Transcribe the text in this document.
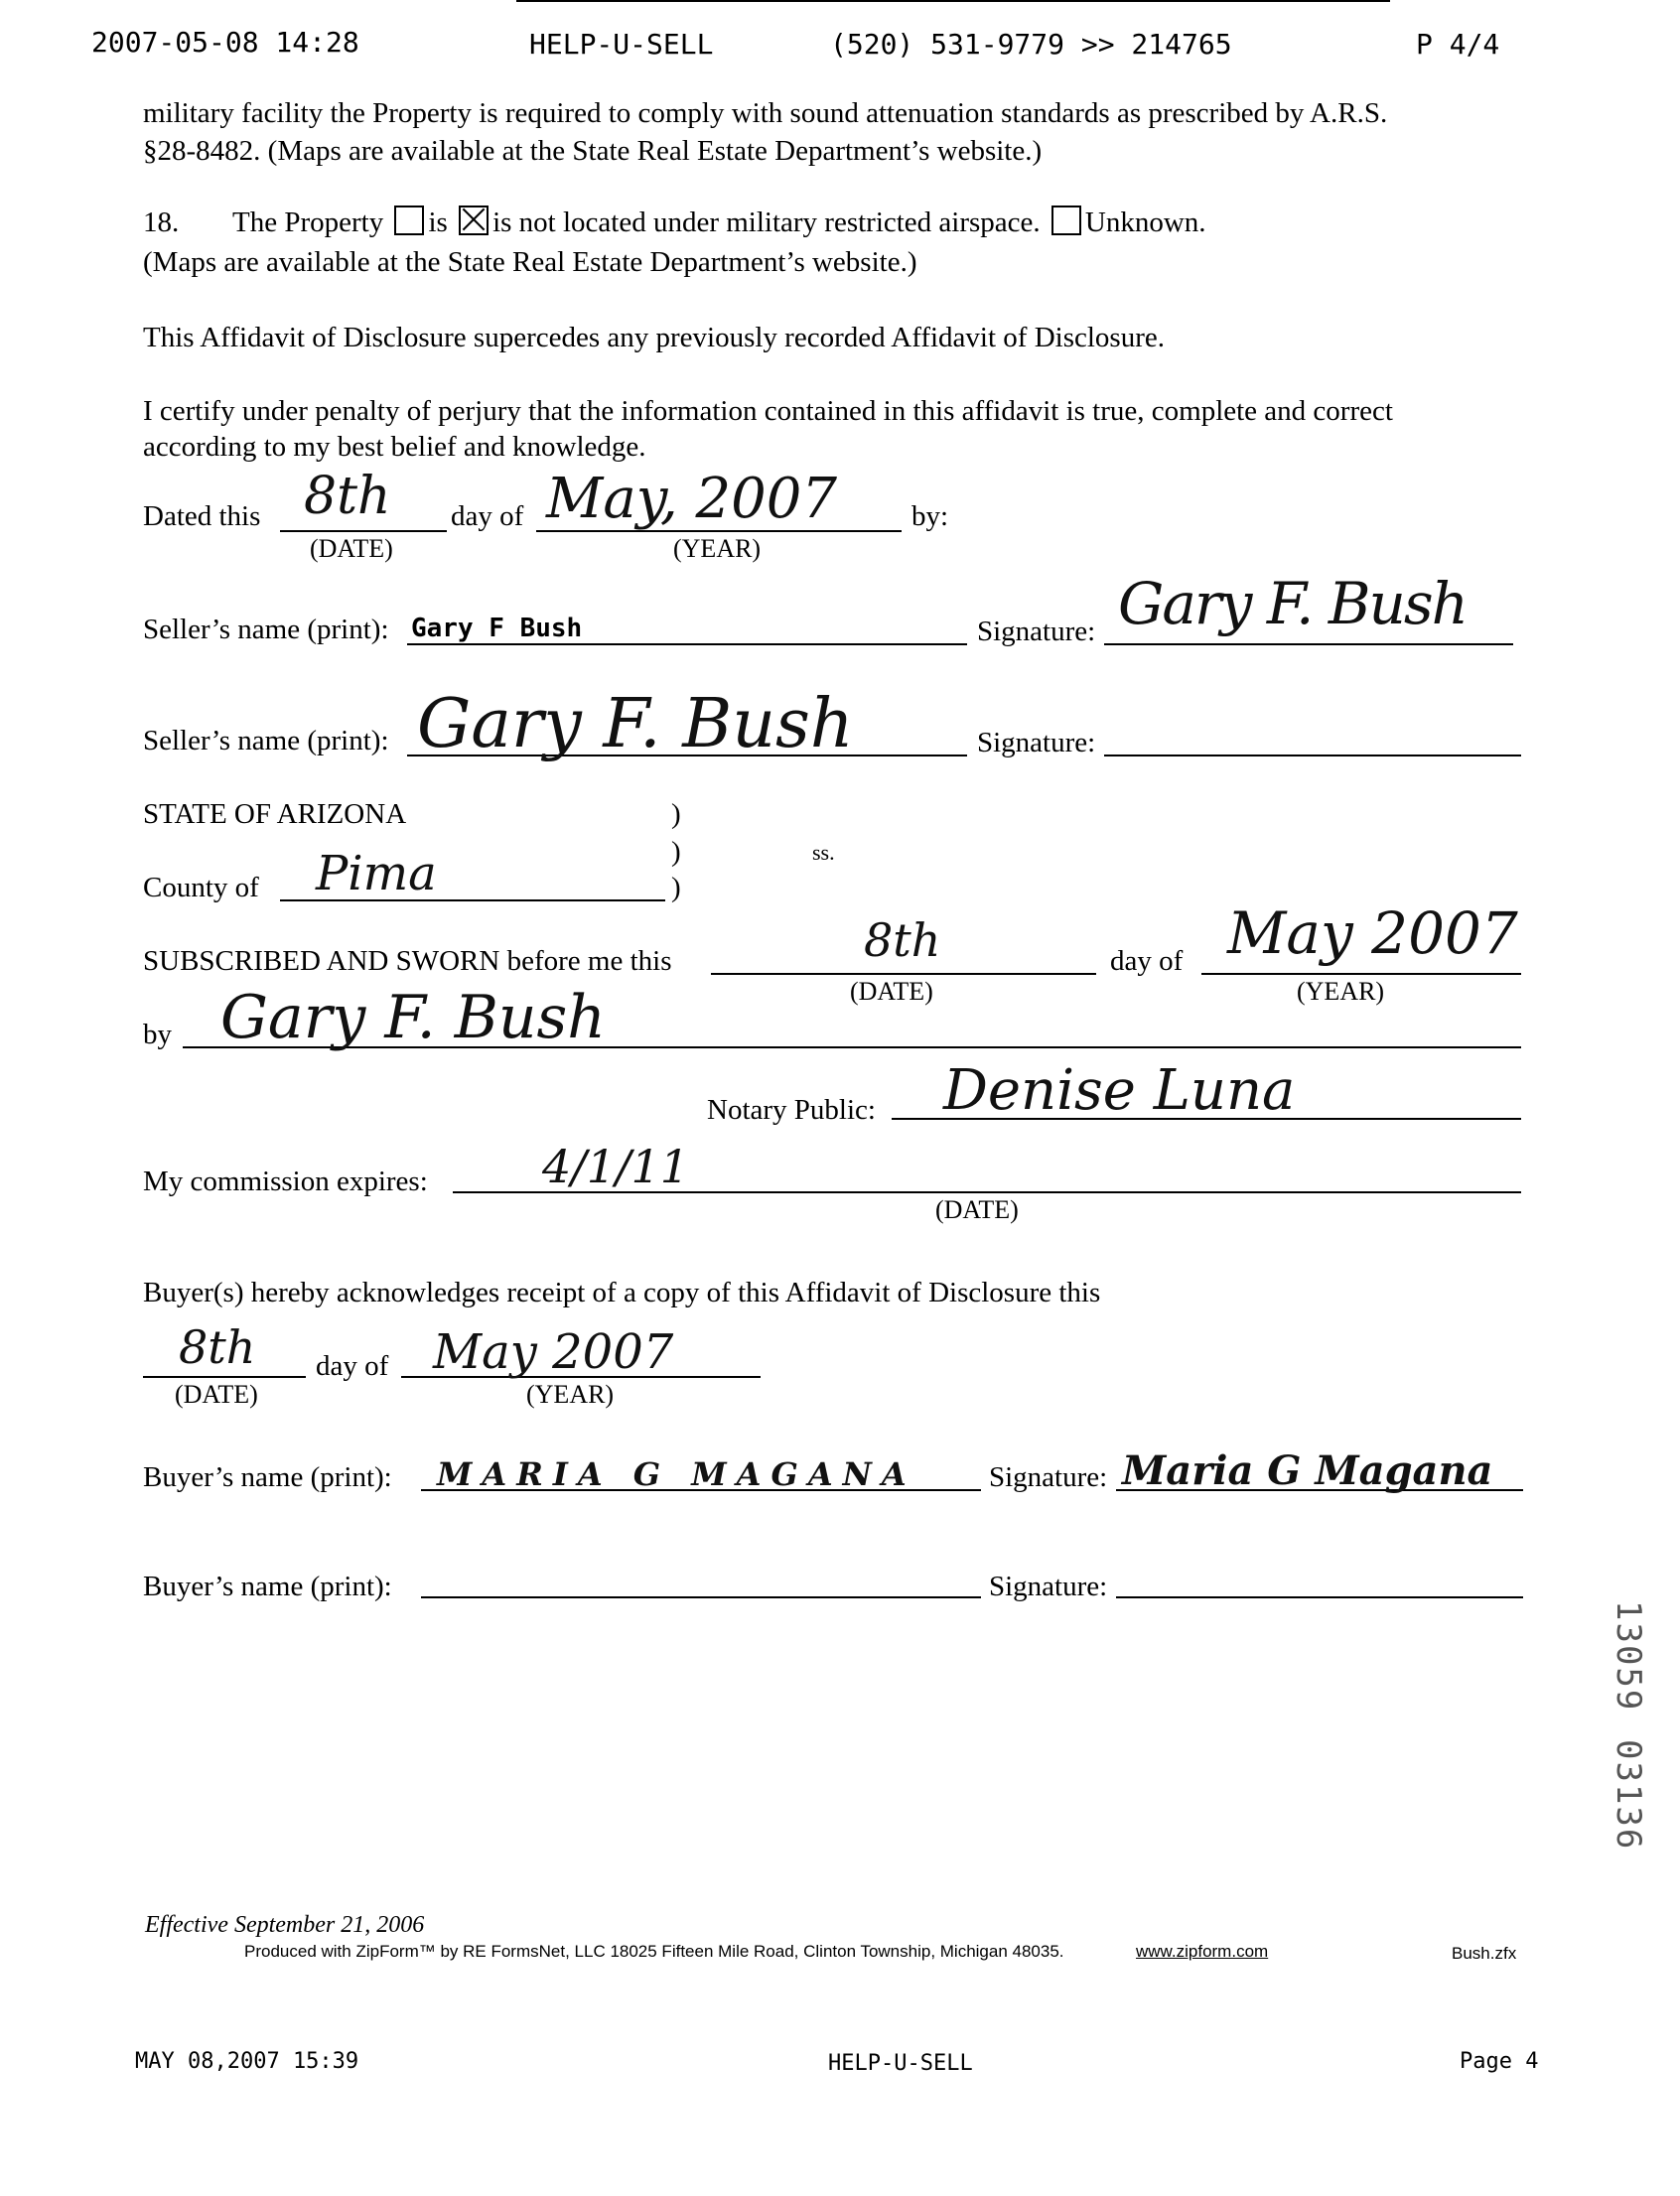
2007-05-08 14:28	HELP-U-SELL	(520) 531-9779 >> 214765	P 4/4
military facility the Property is required to comply with sound attenuation standards as prescribed by A.R.S.
§28-8482. (Maps are available at the State Real Estate Department’s website.)
18. The Property is is not located under military restricted airspace. Unknown.
(Maps are available at the State Real Estate Department’s website.)
This Affidavit of Disclosure supercedes any previously recorded Affidavit of Disclosure.
I certify under penalty of perjury that the information contained in this affidavit is true, complete and correct
according to my best belief and knowledge.
Dated this 8th
(DATE)
day of May, 2007
(YEAR)
by:
Seller’s name (print): Gary F Bush	Signature: Gary F. Bush
Seller’s name (print): Gary F. Bush	Signature:
STATE OF ARIZONA	)
)
)
ss.
County of Pima
SUBSCRIBED AND SWORN before me this	8th
(DATE)
day of May 2007
(YEAR)
by Gary F. Bush
Notary Public: Denise Luna
My commission expires:	4/1/11
(DATE)
Buyer(s) hereby acknowledges receipt of a copy of this Affidavit of Disclosure this
8th
(DATE)
day of May 2007
(YEAR)
Buyer’s name (print): MARIA G MAGANA	Signature: Maria G Magana
Buyer’s name (print):	Signature:
13059
03136
Effective September 21, 2006
Produced with ZipForm™ by RE FormsNet, LLC 18025 Fifteen Mile Road, Clinton Township, Michigan 48035.	www.zipform.com	Bush.zfx
MAY 08,2007 15:39	HELP-U-SELL	Page 4
